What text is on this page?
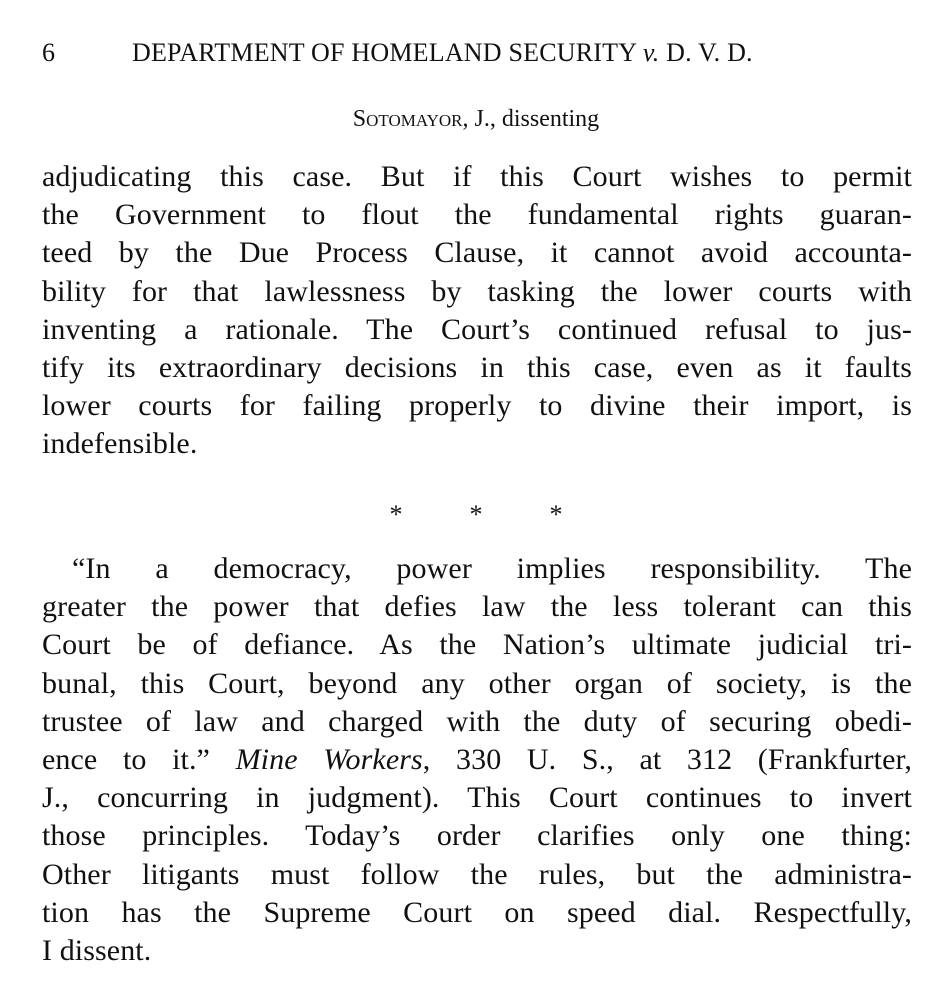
6	DEPARTMENT OF HOMELAND SECURITY v. D. V. D.
Sotomayor, J., dissenting
adjudicating this case. But if this Court wishes to permit
the Government to flout the fundamental rights guaran-
teed by the Due Process Clause, it cannot avoid accounta-
bility for that lawlessness by tasking the lower courts with
inventing a rationale. The Court’s continued refusal to jus-
tify its extraordinary decisions in this case, even as it faults
lower courts for failing properly to divine their import, is
indefensible.
*	*	*
“In a democracy, power implies responsibility. The
greater the power that defies law the less tolerant can this
Court be of defiance. As the Nation’s ultimate judicial tri-
bunal, this Court, beyond any other organ of society, is the
trustee of law and charged with the duty of securing obedi-
ence to it.” Mine Workers, 330 U. S., at 312 (Frankfurter,
J., concurring in judgment). This Court continues to invert
those principles. Today’s order clarifies only one thing:
Other litigants must follow the rules, but the administra-
tion has the Supreme Court on speed dial. Respectfully,
I dissent.
